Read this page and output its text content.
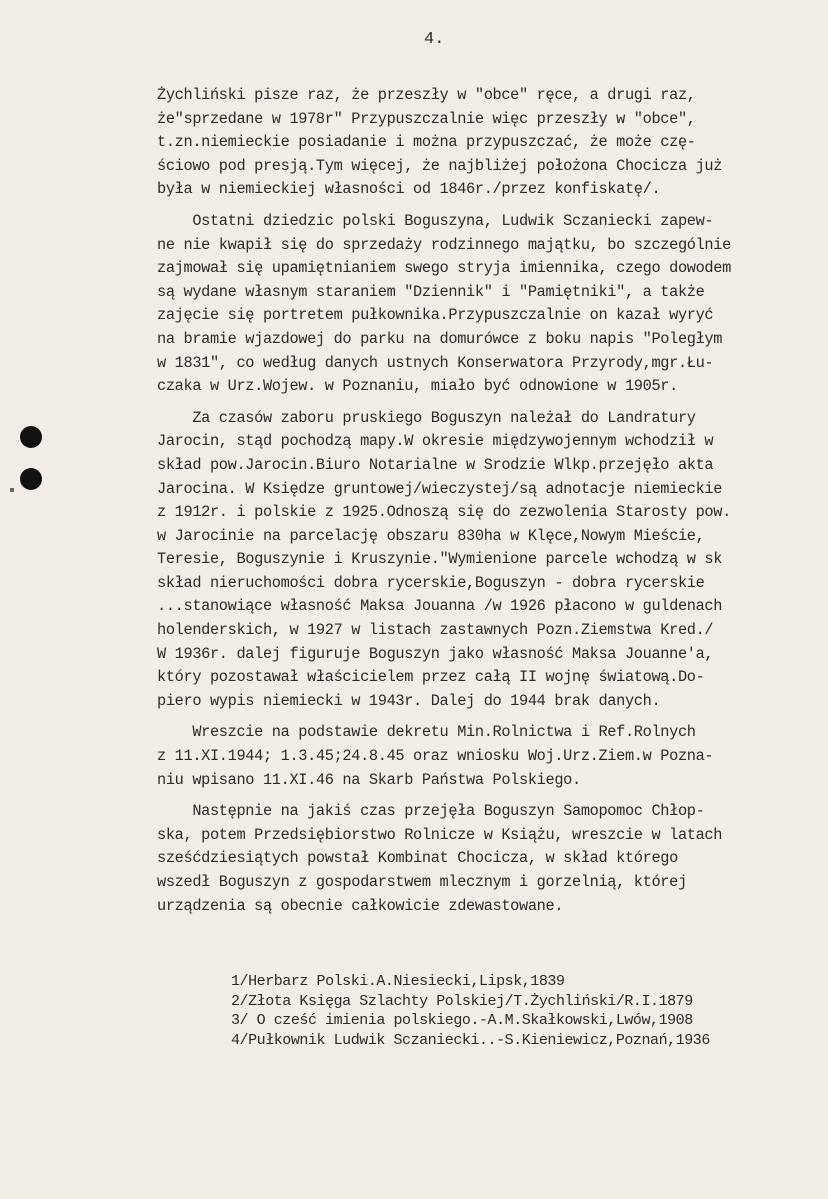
4.
Żychliński pisze raz, że przeszły w "obce" ręce, a drugi raz,
że"sprzedane w 1978r" Przypuszczalnie więc przeszły w "obce",
t.zn.niemieckie posiadanie i można przypuszczać, że może czę-
ściowo pod presją.Tym więcej, że najbliżej położona Chocicza już
była w niemieckiej własności od 1846r./przez konfiskatę/.
Ostatni dziedzic polski Boguszyna, Ludwik Sczaniecki zapew-
ne nie kwapił się do sprzedaży rodzinnego majątku, bo szczególnie
zajmował się upamiętnianiem swego stryja imiennika, czego dowodem
są wydane własnym staraniem "Dziennik" i "Pamiętniki", a także
zajęcie się portretem pułkownika.Przypuszczalnie on kazał wyryć
na bramie wjazdowej do parku na domurówce z boku napis "Poległym
w 1831", co według danych ustnych Konserwatora Przyrody,mgr.Łu-
czaka w Urz.Wojew. w Poznaniu, miało być odnowione w 1905r.
Za czasów zaboru pruskiego Boguszyn należał do Landratury
Jarocin, stąd pochodzą mapy.W okresie międzywojennym wchodził w
skład pow.Jarocin.Biuro Notarialne w Srodzie Wlkp.przejęło akta
Jarocina. W Księdze gruntowej/wieczystej/są adnotacje niemieckie
z 1912r. i polskie z 1925.Odnoszą się do zezwolenia Starosty pow.
w Jarocinie na parcelację obszaru 830ha w Klęce,Nowym Mieście,
Teresie, Boguszynie i Kruszynie."Wymienione parcele wchodzą w sk
skład nieruchomości dobra rycerskie,Boguszyn - dobra rycerskie
...stanowiące własność Maksa Jouanna /w 1926 płacono w guldenach
holenderskich, w 1927 w listach zastawnych Pozn.Ziemstwa Kred./
W 1936r. dalej figuruje Boguszyn jako własność Maksa Jouanne'a,
który pozostawał właścicielem przez całą II wojnę światową.Do-
piero wypis niemiecki w 1943r. Dalej do 1944 brak danych.
Wreszcie na podstawie dekretu Min.Rolnictwa i Ref.Rolnych
z 11.XI.1944; 1.3.45;24.8.45 oraz wniosku Woj.Urz.Ziem.w Pozna-
niu wpisano 11.XI.46 na Skarb Państwa Polskiego.
Następnie na jakiś czas przejęła Boguszyn Samopomoc Chłop-
ska, potem Przedsiębiorstwo Rolnicze w Książu, wreszcie w latach
sześćdziesiątych powstał Kombinat Chocicza, w skład którego
wszedł Boguszyn z gospodarstwem mlecznym i gorzelnią, której
urządzenia są obecnie całkowicie zdewastowane.
1/Herbarz Polski.A.Niesiecki,Lipsk,1839
2/Złota Księga Szlachty Polskiej/T.Żychliński/R.I.1879
3/ O cześć imienia polskiego.-A.M.Skałkowski,Lwów,1908
4/Pułkownik Ludwik Sczaniecki..-S.Kieniewicz,Poznań,1936
